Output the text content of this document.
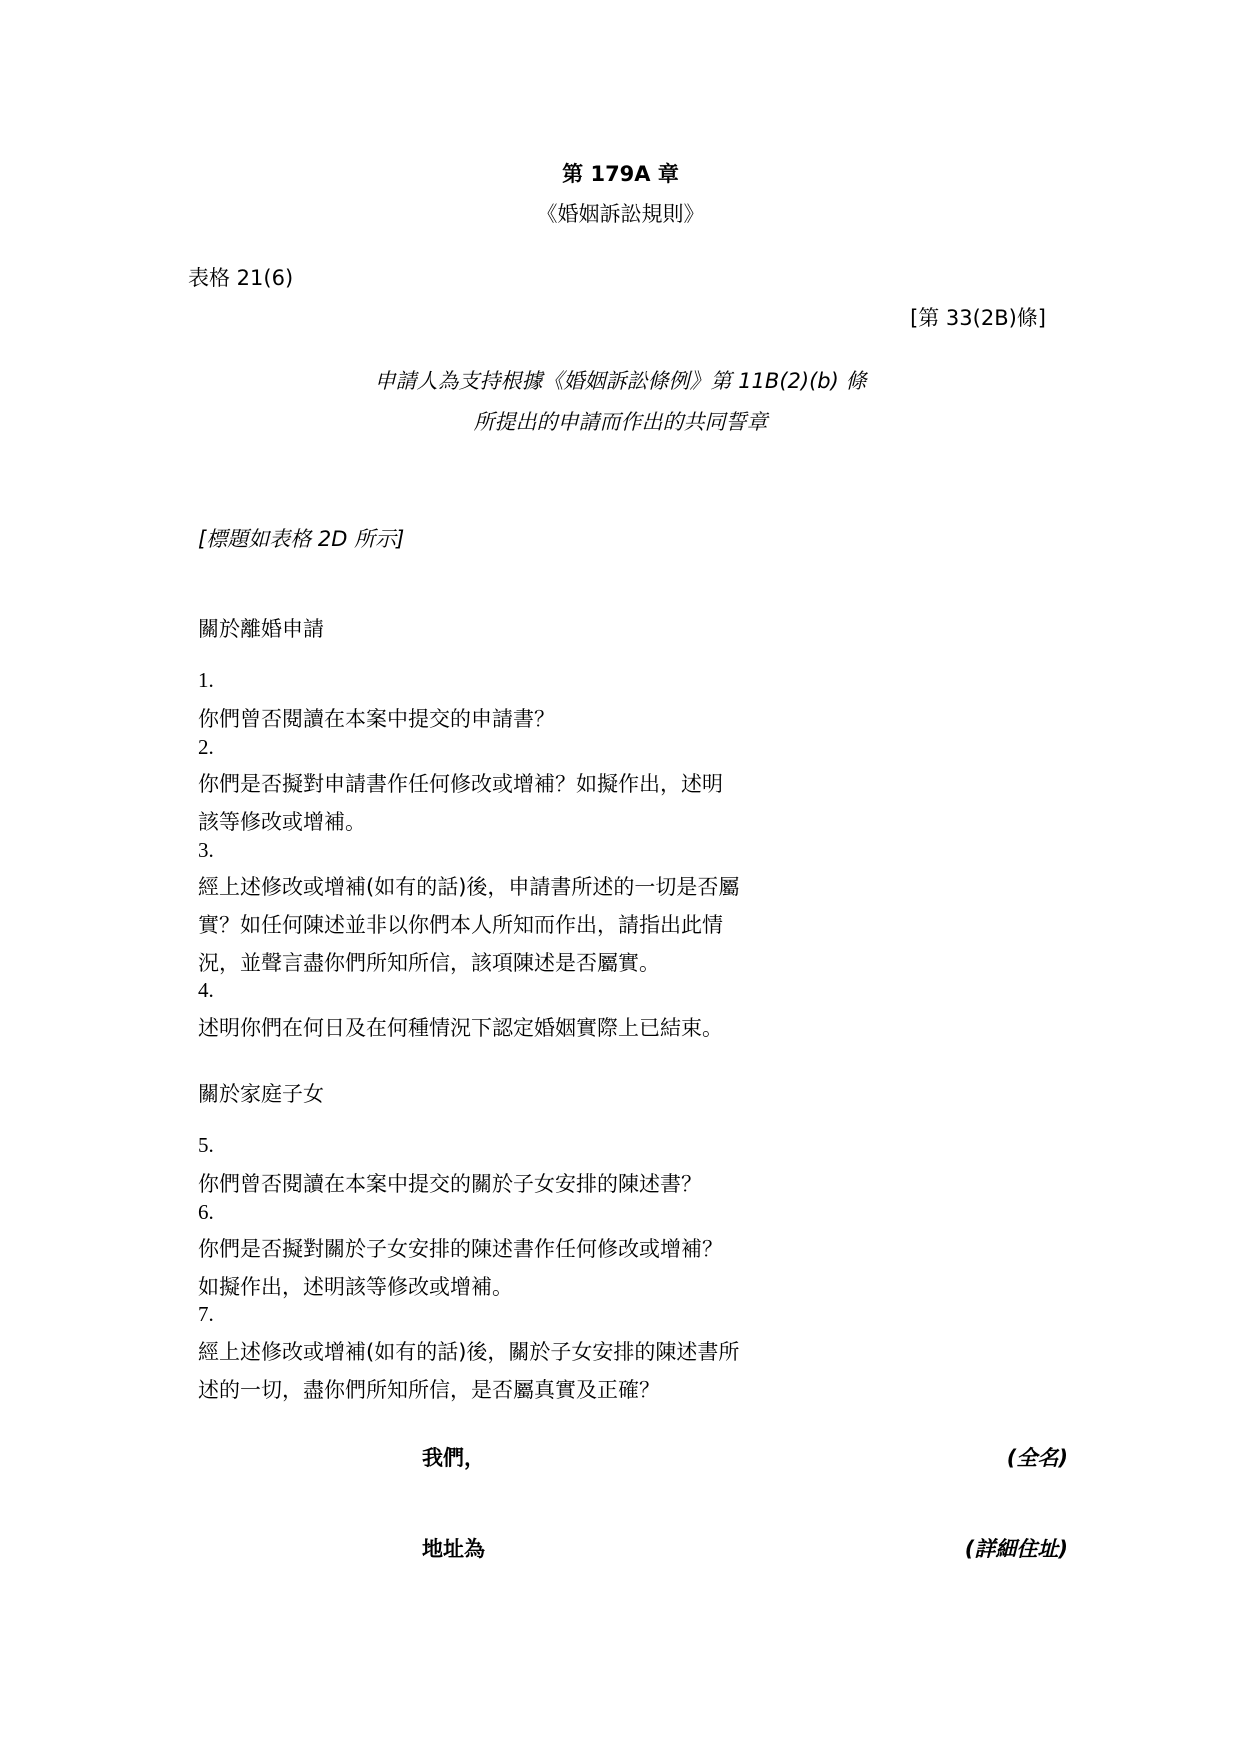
第 179A 章
《婚姻訴訟規則》
表格 21(6)
[第 33(2B)條]
申請人為支持根據《婚姻訴訟條例》第 11B(2)(b) 條
所提出的申請而作出的共同誓章
[標題如表格 2D 所示]
關於離婚申請
1.
你們曾否閱讀在本案中提交的申請書？
2.
你們是否擬對申請書作任何修改或增補？如擬作出，述明
該等修改或增補。
3.
經上述修改或增補(如有的話)後，申請書所述的一切是否屬
實？如任何陳述並非以你們本人所知而作出，請指出此情
況，並聲言盡你們所知所信，該項陳述是否屬實。
4.
述明你們在何日及在何種情況下認定婚姻實際上已結束。
關於家庭子女
5.
你們曾否閱讀在本案中提交的關於子女安排的陳述書？
6.
你們是否擬對關於子女安排的陳述書作任何修改或增補？
如擬作出，述明該等修改或增補。
7.
經上述修改或增補(如有的話)後，關於子女安排的陳述書所
述的一切，盡你們所知所信，是否屬真實及正確？
我們，	(全名)
地址為	(詳細住址)
